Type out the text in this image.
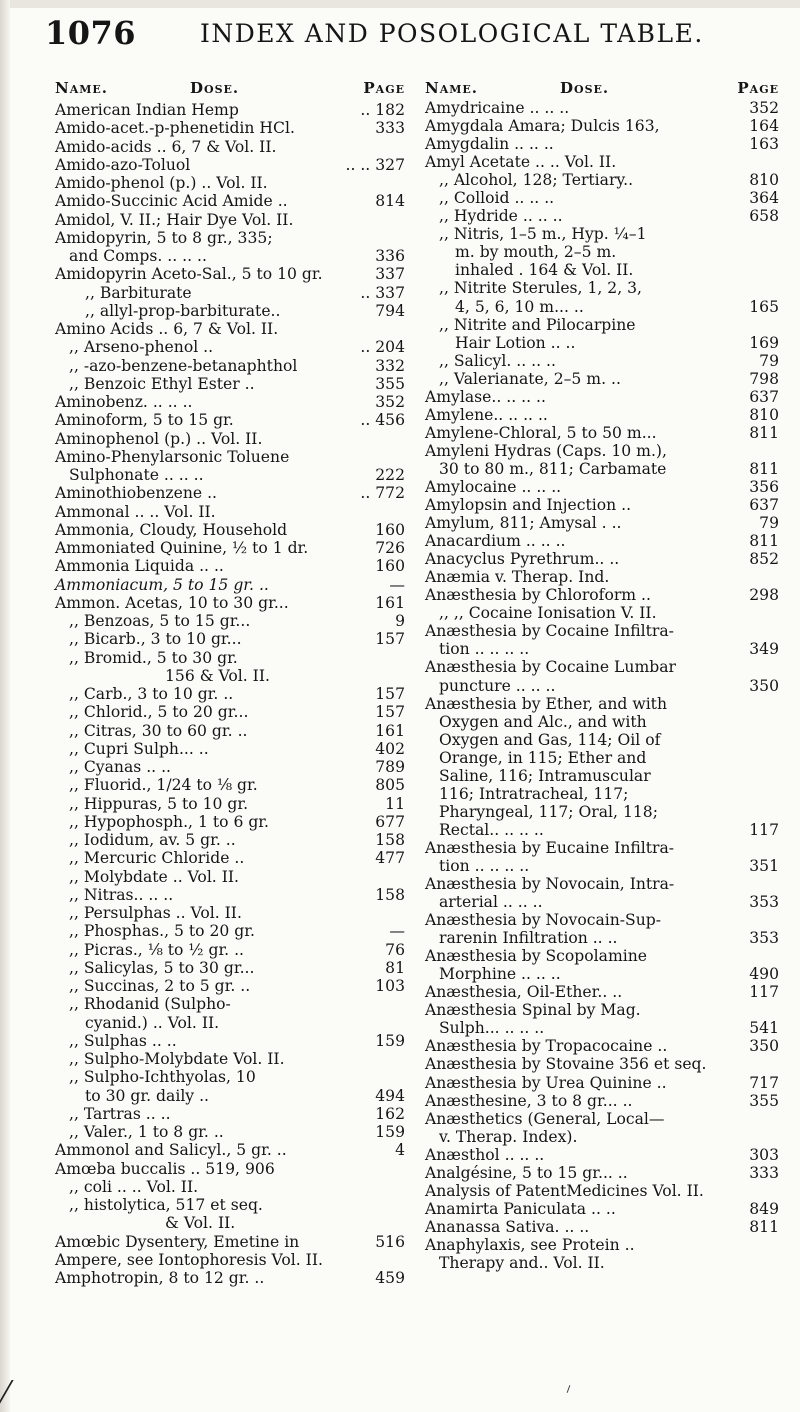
1076	INDEX AND POSOLOGICAL TABLE.
Name.	Dose.	Page
American Indian Hemp	.. 182
Amido-acet.-p-phenetidin HCl.	333
Amido-acids .. 6, 7 & Vol. II.
Amido-azo-Toluol	.. .. 327
Amido-phenol (p.) .. Vol. II.
Amido-Succinic Acid Amide ..	814
Amidol, V. II.; Hair Dye Vol. II.
Amidopyrin, 5 to 8 gr., 335;
and Comps. .. .. ..	336
Amidopyrin Aceto-Sal., 5 to 10 gr.	337
,, Barbiturate	.. 337
,, allyl-prop-barbiturate..	794
Amino Acids .. 6, 7 & Vol. II.
,, Arseno-phenol ..	.. 204
,, -azo-benzene-betanaphthol	332
,, Benzoic Ethyl Ester ..	355
Aminobenz. .. .. ..	352
Aminoform, 5 to 15 gr.	.. 456
Aminophenol (p.) .. Vol. II.
Amino-Phenylarsonic Toluene
Sulphonate .. .. ..	222
Aminothiobenzene ..	.. 772
Ammonal .. .. Vol. II.
Ammonia, Cloudy, Household	160
Ammoniated Quinine, ½ to 1 dr.	726
Ammonia Liquida .. ..	160
Ammoniacum, 5 to 15 gr. ..	—
Ammon. Acetas, 10 to 30 gr...	161
,, Benzoas, 5 to 15 gr...	9
,, Bicarb., 3 to 10 gr...	157
,, Bromid., 5 to 30 gr.
156 & Vol. II.
,, Carb., 3 to 10 gr. ..	157
,, Chlorid., 5 to 20 gr...	157
,, Citras, 30 to 60 gr. ..	161
,, Cupri Sulph... ..	402
,, Cyanas .. ..	789
,, Fluorid., 1/24 to ⅛ gr.	805
,, Hippuras, 5 to 10 gr.	11
,, Hypophosph., 1 to 6 gr.	677
,, Iodidum, av. 5 gr. ..	158
,, Mercuric Chloride ..	477
,, Molybdate .. Vol. II.
,, Nitras.. .. ..	158
,, Persulphas .. Vol. II.
,, Phosphas., 5 to 20 gr.	—
,, Picras., ⅛ to ½ gr. ..	76
,, Salicylas, 5 to 30 gr...	81
,, Succinas, 2 to 5 gr. ..	103
,, Rhodanid (Sulpho-
cyanid.) .. Vol. II.
,, Sulphas .. ..	159
,, Sulpho-Molybdate Vol. II.
,, Sulpho-Ichthyolas, 10
to 30 gr. daily ..	494
,, Tartras .. ..	162
,, Valer., 1 to 8 gr. ..	159
Ammonol and Salicyl., 5 gr. ..	4
Amœba buccalis .. 519, 906
,, coli .. .. Vol. II.
,, histolytica, 517 et seq.
& Vol. II.
Amœbic Dysentery, Emetine in	516
Ampere, see Iontophoresis Vol. II.
Amphotropin, 8 to 12 gr. ..	459
Name.	Dose.	Page
Amydricaine .. .. ..	352
Amygdala Amara; Dulcis 163,	164
Amygdalin .. .. ..	163
Amyl Acetate .. .. Vol. II.
,, Alcohol, 128; Tertiary..	810
,, Colloid .. .. ..	364
,, Hydride .. .. ..	658
,, Nitris, 1–5 m., Hyp. ¼–1
m. by mouth, 2–5 m.
inhaled . 164 & Vol. II.
,, Nitrite Sterules, 1, 2, 3,
4, 5, 6, 10 m... ..	165
,, Nitrite and Pilocarpine
Hair Lotion .. ..	169
,, Salicyl. .. .. ..	79
,, Valerianate, 2–5 m. ..	798
Amylase.. .. .. ..	637
Amylene.. .. .. ..	810
Amylene-Chloral, 5 to 50 m...	811
Amyleni Hydras (Caps. 10 m.),
30 to 80 m., 811; Carbamate	811
Amylocaine .. .. ..	356
Amylopsin and Injection ..	637
Amylum, 811; Amysal . ..	79
Anacardium .. .. ..	811
Anacyclus Pyrethrum.. ..	852
Anæmia v. Therap. Ind.
Anæsthesia by Chloroform ..	298
,, ,, Cocaine Ionisation V. II.
Anæsthesia by Cocaine Infiltra-
tion .. .. .. ..	349
Anæsthesia by Cocaine Lumbar
puncture .. .. ..	350
Anæsthesia by Ether, and with
Oxygen and Alc., and with
Oxygen and Gas, 114; Oil of
Orange, in 115; Ether and
Saline, 116; Intramuscular
116; Intratracheal, 117;
Pharyngeal, 117; Oral, 118;
Rectal.. .. .. ..	117
Anæsthesia by Eucaine Infiltra-
tion .. .. .. ..	351
Anæsthesia by Novocain, Intra-
arterial .. .. ..	353
Anæsthesia by Novocain-Sup-
rarenin Infiltration .. ..	353
Anæsthesia by Scopolamine
Morphine .. .. ..	490
Anæsthesia, Oil-Ether.. ..	117
Anæsthesia Spinal by Mag.
Sulph... .. .. ..	541
Anæsthesia by Tropacocaine ..	350
Anæsthesia by Stovaine 356 et seq.
Anæsthesia by Urea Quinine ..	717
Anæsthesine, 3 to 8 gr... ..	355
Anæsthetics (General, Local—
v. Therap. Index).
Anæsthol .. .. ..	303
Analgésine, 5 to 15 gr... ..	333
Analysis of PatentMedicines Vol. II.
Anamirta Paniculata .. ..	849
Ananassa Sativa. .. ..	811
Anaphylaxis, see Protein ..
Therapy and.. Vol. II.
